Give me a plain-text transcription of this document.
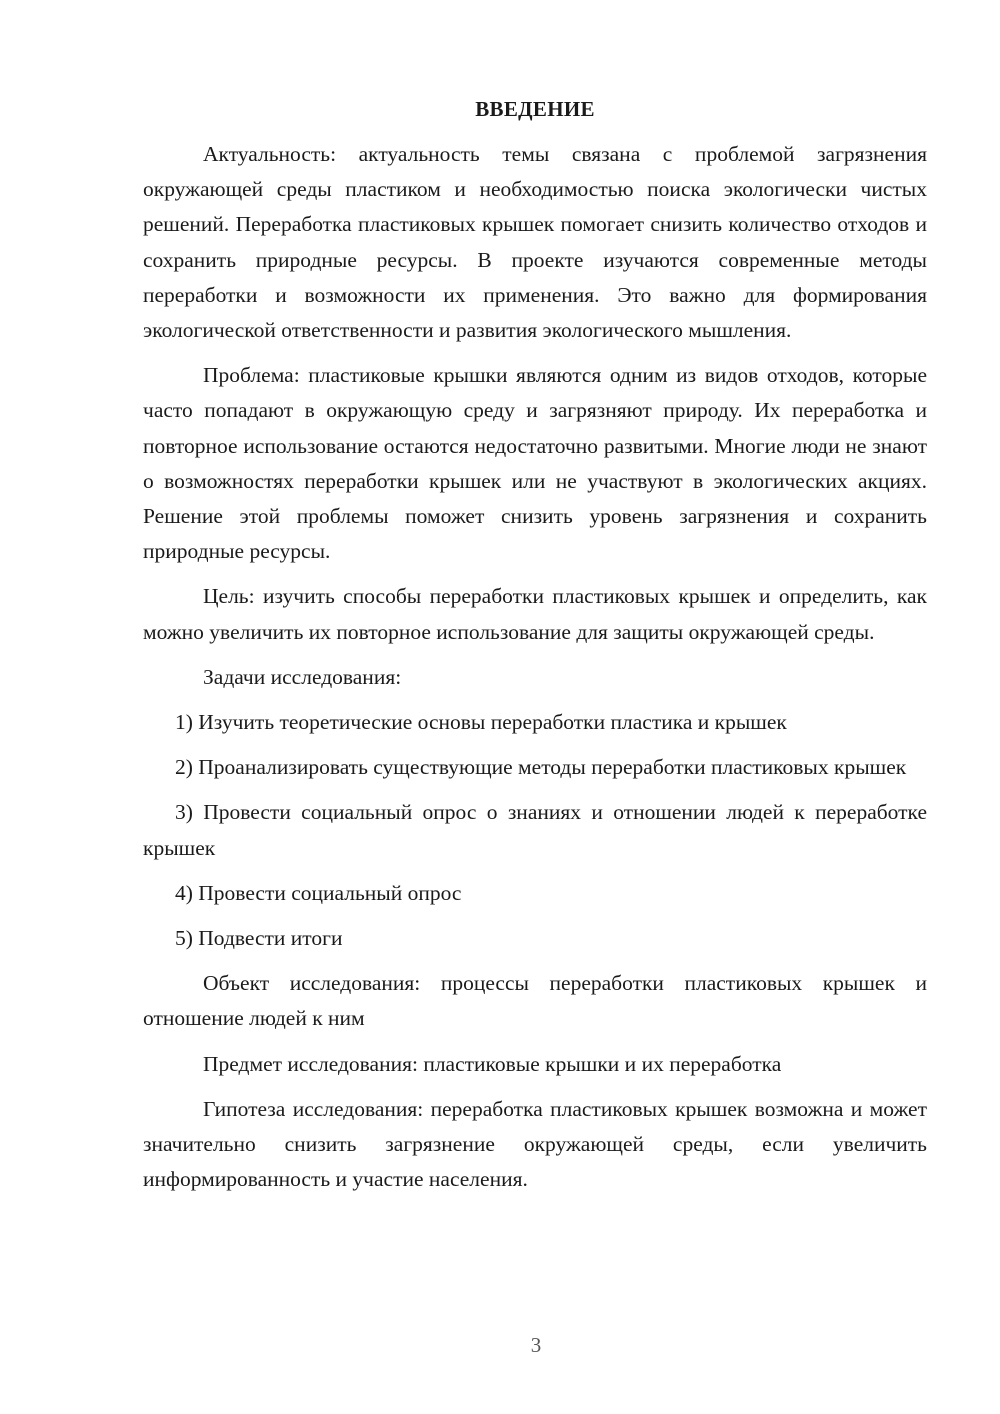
ВВЕДЕНИЕ

Актуальность: актуальность темы связана с проблемой загрязнения окружающей среды пластиком и необходимостью поиска экологически чистых решений. Переработка пластиковых крышек помогает снизить количество отходов и сохранить природные ресурсы. В проекте изучаются современные методы переработки и возможности их применения. Это важно для формирования экологической ответственности и развития экологического мышления.

Проблема: пластиковые крышки являются одним из видов отходов, которые часто попадают в окружающую среду и загрязняют природу. Их переработка и повторное использование остаются недостаточно развитыми. Многие люди не знают о возможностях переработки крышек или не участвуют в экологических акциях. Решение этой проблемы поможет снизить уровень загрязнения и сохранить природные ресурсы.

Цель: изучить способы переработки пластиковых крышек и определить, как можно увеличить их повторное использование для защиты окружающей среды.

Задачи исследования:

1) Изучить теоретические основы переработки пластика и крышек

2) Проанализировать существующие методы переработки пластиковых крышек

3) Провести социальный опрос о знаниях и отношении людей к переработке крышек

4) Провести социальный опрос

5) Подвести итоги

Объект исследования: процессы переработки пластиковых крышек и отношение людей к ним

Предмет исследования: пластиковые крышки и их переработка

Гипотеза исследования: переработка пластиковых крышек возможна и может значительно снизить загрязнение окружающей среды, если увеличить информированность и участие населения.

3
